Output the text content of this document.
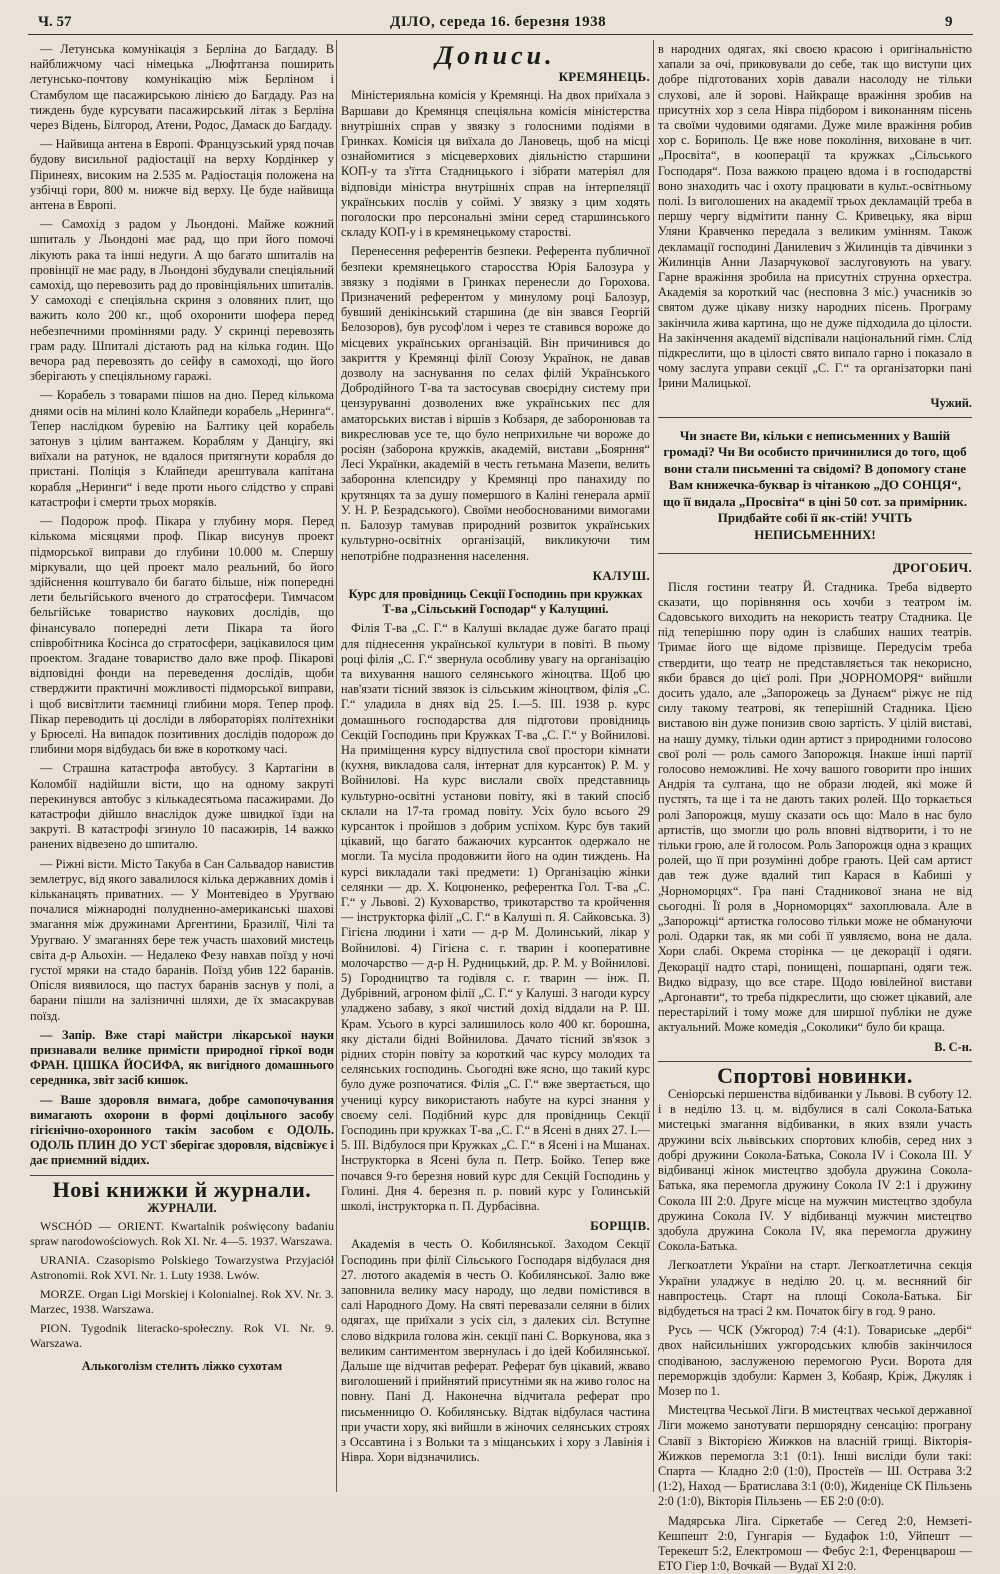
Ч. 57	ДІЛО, середа 16. березня 1938	9

— Летунська комунікація з Берліна до Багдаду. В найближчому часі німецька „Люфтганза поширить летунсько-почтову комунікацію між Берліном і Стамбулом ще пасажирською лінією до Багдаду. Раз на тиждень буде курсувати пасажирський літак з Берліна через Відень, Білгород, Атени, Родос, Дамаск до Багдаду.

— Найвища антена в Европі. Французський уряд почав будову висильної радіостації на верху Кордінкер у Піринеях, високим на 2.535 м. Радіостація положена на узбічці гори, 800 м. нижче від верху. Це буде найвища антена в Европі.

— Самохід з радом у Льондоні. Майже кожний шпиталь у Льондоні має рад, що при його помочі лікують рака та інші недуги. А що багато шпиталів на провінції не має раду, в Льондоні збудували спеціяльний самохід, що перевозить рад до провінціяльних шпиталів. У самоході є спеціяльна скриня з оловяних плит, що важить коло 200 кг., щоб охоронити шофера перед небезпечними проміннями раду. У скринці перевозять грам раду. Шпиталі дістають рад на кілька годин. Що вечора рад перевозять до сейфу в самоході, що його зберігають у спеціяльному гаражі.

— Корабель з товарами пішов на дно. Перед кількома днями осів на мілині коло Клайпеди корабель „Неринга“. Тепер наслідком буревію на Балтику цей корабель затонув з цілим вантажем. Кораблям у Данцігу, які виїхали на ратунок, не вдалося притягнути корабля до пристані. Поліція з Клайпеди арештувала капітана корабля „Неринги“ і веде проти нього слідство у справі катастрофи і смерти трьох моряків.

— Подорож проф. Пікара у глубину моря. Перед кількома місяцями проф. Пікар висунув проект підморської виправи до глубини 10.000 м. Спершу міркували, що цей проект мало реальний, бо його здійснення коштувало би багато більше, ніж попередні лети бельгійського вченого до стратосфери. Тимчасом бельгійське товариство наукових дослідів, що фінансувало попередні лети Пікара та його співробітника Косінса до стратосфери, зацікавилося цим проектом. Згадане товариство дало вже проф. Пікарові відповідні фонди на переведення дослідів, щоби стверджити практичні можливості підморської виправи, і щоб висвітлити таємниці глибини моря. Тепер проф. Пікар переводить ці досліди в лябораторіях політехніки у Брюселі. На випадок позитивних дослідів подорож до глибини моря відбудась би вже в короткому часі.

— Страшна катастрофа автобусу. З Картагіни в Коломбії надійшли вісти, що на одному закруті перекинувся автобус з кількадесятьома пасажирами. До катастрофи дійшло внаслідок дуже швидкої їзди на закруті. В катастрофі згинуло 10 пасажирів, 14 важко ранених відвезено до шпиталю.

— Ріжні вісти. Місто Такуба в Сан Сальвадор навистив землетрус, від якого завалилося кілька державних домів і кільканацять приватних. — У Монтевідео в Уругваю почалися міжнародні полудненно-американські шахові змагання між дружинами Аргентини, Бразилії, Чілі та Уругваю. У змаганнях бере теж участь шаховий мистець світа д-р Альохін. — Недалеко Фезу навхав поїзд у ночі густої мряки на стадо баранів. Поїзд убив 122 баранів. Опісля виявилося, що пастух баранів заснув у полі, а барани пішли на залізничні шляхи, де їх змасакрував поїзд.

— Запір. Вже старі майстри лікарської науки признавали велике примісти природної гіркої води ФРАН. ЦІШКА ЙОСИФА, як вигідного домашнього середника, звіт засіб кишок.

— Ваше здоровля вимага, добре самопочування вимагають охорони в формі доцільного засобу гігієнічно-охоронного такім засобом є ОДОЛЬ. ОДОЛЬ ПЛИН ДО УСТ зберігає здоровля, відсвіжує і дає приємний віддих.

Нові книжки й журнали.
ЖУРНАЛИ.

WSCHÓD — ORIENT. Kwartalnik poświęcony badaniu spraw narodowościowych. Rok XI. Nr. 4—5. 1937. Warszawa.

URANIA. Czasopismo Polskiego Towarzystwa Przyjaciół Astronomii. Rok XVI. Nr. 1. Luty 1938. Lwów.

MORZE. Organ Ligi Morskiej i Kolonialnej. Rok XV. Nr. 3. Marzec, 1938. Warszawa.

PION. Tygodnik literacko-społeczny. Rok VI. Nr. 9. Warszawa.

Алькоголізм стелить ліжко сухотам
Дописи.
КРЕМЯНЕЦЬ.

Міністерияльна комісія у Кремянці. На двох приїхала з Варшави до Кремянця спеціяльна комісія міністерства внутрішніх справ у звязку з голосними подіями в Гринках. Комісія ця виїхала до Лановець, щоб на місці ознайомитися з місцеверхових діяльністю старшини КОП-у та з'їтта Стадницького і зібрати матеріял для відповіди міністра внутрішніх справ на інтерпеляції українських послів у соймі. У звязку з цим ходять поголоски про персональні зміни серед старшинського складу КОП-у і в кремянецькому старостві.

Перенесення референтів безпеки. Референта публичної безпеки кремянецького старосства Юрія Балозура у звязку з подіями в Гринках перенесли до Горохова. Призначений референтом у минулому році Балозур, бувший денікінський старшина (де він звався Георгій Белозоров), був русоф'лом і через те ставився вороже до місцевих українських організацій. Він причинився до закриття у Кремянці філії Союзу Українок, не давав дозволу на заснування по селах філій Українського Добродійного Т-ва та застосував своєрідну систему при цензуруванні дозволених вже українських пєс для аматорських вистав і віршів з Кобзаря, де заборонював та викреслював усе те, що було неприхильне чи вороже до росіян (заборона кружків, академій, вистави „Боярння“ Лесі Українки, академій в честь гетьмана Мазепи, велить заборонна клепсидру у Кремянці про панахиду по крутянцях та за душу помершого в Каліні генерала армії У. Н. Р. Безрадського). Своїми необоснованими вимогами п. Балозур тамував природний розвиток українських культурно-освітніх організацій, викликуючи тим непотрібне подразнення населення.

КАЛУШ.
Курс для провідниць Секції Господинь при кружках Т-ва „Сільський Господар“ у Калущині.

Філія Т-ва „С. Г.“ в Калуші вкладає дуже багато праці для піднесення української культури в повіті. В пьому році філія „С. Г.“ звернула особливу увагу на організацію та вихування нашого селянського жіноцтва. Щоб цю нав'язати тісний звязок із сільським жіноцтвом, філія „С. Г.“ уладила в днях від 25. І.—5. III. 1938 р. курс домашнього господарства для підготови провідниць Секцій Господинь при Кружках Т-ва „С. Г.“ у Войнилові. На приміщення курсу відпустила свої простори кімнати (кухня, викладова саля, інтернат для курсанток) Р. М. у Войнилові. На курс вислали своїх представниць культурно-освітні установи повіту, які в такий спосіб склали на 17-та громад повіту. Усіх було всього 29 курсанток і пройшов з добрим успіхом. Курс був такий цікавий, що багато бажаючих курсанток одержало не могли. Та мусіла продовжити його на один тиждень. На курсі викладали такі предмети: 1) Організацію жінки селянки — др. Х. Коцюненко, референтка Гол. Т-ва „С. Г.“ у Львові. 2) Куховарство, трикотарство та кройчення — інструкторка філії „С. Г.“ в Калуші п. Я. Сайковська. 3) Гігієна людини і хати — д-р М. Долинський, лікар у Войнилові. 4) Гігієна с. г. тварин і кооперативне молочарство — д-р Н. Рудницький, др. Р. М. у Войнилові. 5) Городництво та годівля с. г. тварин — інж. П. Дубрівний, агроном філії „С. Г.“ у Калуші. З нагоди курсу уладжено забаву, з якої чистий дохід віддали на Р. Ш. Крам. Усього в курсі залишилось коло 400 кг. борошна, яку дістали бідні Войнилова. Дачато тісний зв'язок з рідних сторін повіту за короткий час курсу молодих та селянських господинь. Сьогодні вже ясно, що такий курс було дуже розпочатися. Філія „С. Г.“ вже звертається, що учениці курсу використають набуте на курсі знання у своєму селі. Подібний курс для провідниць Секції Господинь при кружках Т-ва „С. Г.“ в Ясені в днях 27. І.—5. III. Відбулося при Кружках „С. Г.“ в Ясені і на Мшанах. Інструкторка в Ясені була п. Петр. Бойко. Тепер вже почався 9-го березня новий курс для Секцій Господинь у Голині. Дня 4. березня п. р. повий курс у Голинській школі, інструкторка п. П. Дурбасівна.

БОРЩІВ.

Академія в честь О. Кобилянської. Заходом Секції Господинь при філії Сільського Господаря відбулася дня 27. лютого академія в честь О. Кобилянської. Залю вже заповнила велику масу народу, що ледви помістився в салі Народного Дому. На святі перевазали селяни в білих одягах, ще приїхали з усіх сіл, з далеких сіл. Вступне слово відкрила голова жін. секції пані С. Воркунова, яка з великим сантиментом звернулась і до ідей Кобилянської. Дальше ще відчитав реферат. Реферат був цікавий, жваво виголошений і прийнятий присутніми як на живо голос на повну. Пані Д. Наконечна відчитала реферат про письменницю О. Кобилянську. Відтак відбулася частина при участи хору, які вийшли в жіночих селянських строях з Оссавтина і з Вольки та з міщанських і хору з Лавінія і Нівра. Хори відзначились.

в народних одягах, які своєю красою і оригінальністю хапали за очі, приковували до себе, так що виступи цих добре підготованих хорів давали насолоду не тільки слухові, але й зорові. Найкраще вражіння зробив на присутніх хор з села Нівра підбором і виконанням пісень та своїми чудовими одягами. Дуже миле вражіння робив хор с. Бориполь. Це вже нове покоління, виховане в чит. „Просвіта“, в кооперації та кружках „Сільського Господаря“. Поза важкою працею вдома і в господарстві воно знаходить час і охоту працювати в культ.-освітньому полі. Із виголошених на академії трьох декламацій треба в першу чергу відмітити панну С. Кривецьку, яка вірш Уляни Кравченко передала з великим умінням. Також декламації господині Данилевич з Жилинців та дівчинки з Жилинців Анни Лазарчукової заслуговують на увагу. Гарне вражіння зробила на присутніх струнна орхестра. Академія за короткий час (несповна 3 міс.) учасників зо святом дуже цікаву низку народних пісень. Програму закінчила жива картина, що не дуже підходила до цілости. На закінчення академії відспівали національний гімн. Слід підкреслити, що в цілості свято випало гарно і показало в чому заслуга управи секції „С. Г.“ та організаторки пані Ірини Малицької.

Чужий.
Чи знаєте Ви, кільки є неписьменних у Вашій громаді? Чи Ви особисто причинилися до того, щоб вони стали письменні та свідомі? В допомогу стане Вам книжечка-буквар із чітанкою „ДО СОНЦЯ“, що її видала „Просвіта“ в ціні 50 сот. за примірник. Придбайте собі її як-стій! УЧІТЬ НЕПИСЬМЕННИХ!
ДРОГОБИЧ.

Після гостини театру Й. Стадника. Треба відверто сказати, що порівняння ось хочби з театром ім. Садовського виходить на некористь театру Стадника. Це під теперішню пору один із слабших наших театрів. Тримає його ще відоме прізвище. Передусім треба ствердити, що театр не представляється так некорисно, якби брався до цієї ролі. При „ЧОРНОМОРЯ“ вийшли досить удало, але „Запорожець за Дунаєм“ ріжує не під силу такому театрові, як теперішній Стадника. Цією виставою він дуже понизив свою зартість. У цілій виставі, на нашу думку, тільки один артист з природними голосово свої ролі — роль самого Запорожця. Інакше інші партії голосово неможливі. Не хочу вашого говорити про інших Андрія та султана, що не образи людей, які може й пустять, та ще і та не дають таких ролей. Що торкається ролі Запорожця, мушу сказати ось що: Мало в нас було артистів, що змогли цю роль вповні відтворити, і то не тільки грою, але й голосом. Роль Запорожця одна з кращих ролей, що її при розумінні добре грають. Цей сам артист дав теж дуже вдалий тип Карася в Кабиші у „Чорноморцях“. Гра пані Стадникової знана не від сьогодні. Її роля в „Чорноморцях“ захоплювала. Але в „Запорожці“ артистка голосово тільки може не обмануючи ролі. Одарки так, як ми собі її уявляємо, вона не дала. Хори слабі. Окрема сторінка — це декорації і одяги. Декорації надто старі, понищені, пошарпані, одяги теж. Видко відразу, що все старе. Щодо ювілейної вистави „Аргонавти“, то треба підкреслити, що сюжет цікавий, але перестарілий і тому може для ширшої публіки не дуже актуальний. Може комедія „Соколики“ було би краща.

В. С-н.
Спортові новинки.

Сеніорські першенства відбиванки у Львові. В суботу 12. і в неділю 13. ц. м. відбулися в салі Сокола-Батька мистецькі змагання відбиванки, в яких взяли участь дружини всіх львівських спортових клюбів, серед них з добрі дружини Сокола-Батька, Сокола IV і Сокола III. У відбиванці жінок мистецтво здобула дружина Сокола-Батька, яка перемогла дружину Сокола IV 2:1 і дружину Сокола III 2:0. Друге місце на мужчин мистецтво здобула дружина Сокола IV. У відбиванці мужчин мистецтво здобула дружина Сокола IV, яка перемогла дружину Сокола-Батька.

Легкоатлети України на старт. Легкоатлетична секція України уладжує в неділю 20. ц. м. весняний біг навпростець. Старт на площі Сокола-Батька. Біг відбудеться на трасі 2 км. Початок бігу в год. 9 рано.

Русь — ЧСК (Ужгород) 7:4 (4:1). Товариське „дербі“ двох найсильніших ужгородських клюбів закінчилося сподіваною, заслуженою перемогою Руси. Ворота для переморжців здобули: Кармен 3, Кобаяр, Кріж, Джуляк і Мозер по 1.

Мистецтва Чеської Ліги. В мистецтвах чеської державної Ліги можемо занотувати першорядну сенсацію: програну Славії з Вікторією Жижков на власній грищі. Вікторія-Жижков перемогла 3:1 (0:1). Інші висліди були такі: Спарта — Кладно 2:0 (1:0), Простеїв — Ш. Острава 3:2 (1:2), Наход — Братислава 3:1 (0:0), Жиденіце СК Пільзень 2:0 (1:0), Вікторія Пільзень — ЕБ 2:0 (0:0).

Мадярська Ліга. Сіркетабе — Сегед 2:0, Немзеті-Кешпешт 2:0, Гунгарія — Будафок 1:0, Уйпешт — Терекешт 5:2, Електромош — Фебус 2:1, Ференцварош — ЕТО Гіер 1:0, Вочкай — Вудаї XI 2:0.
